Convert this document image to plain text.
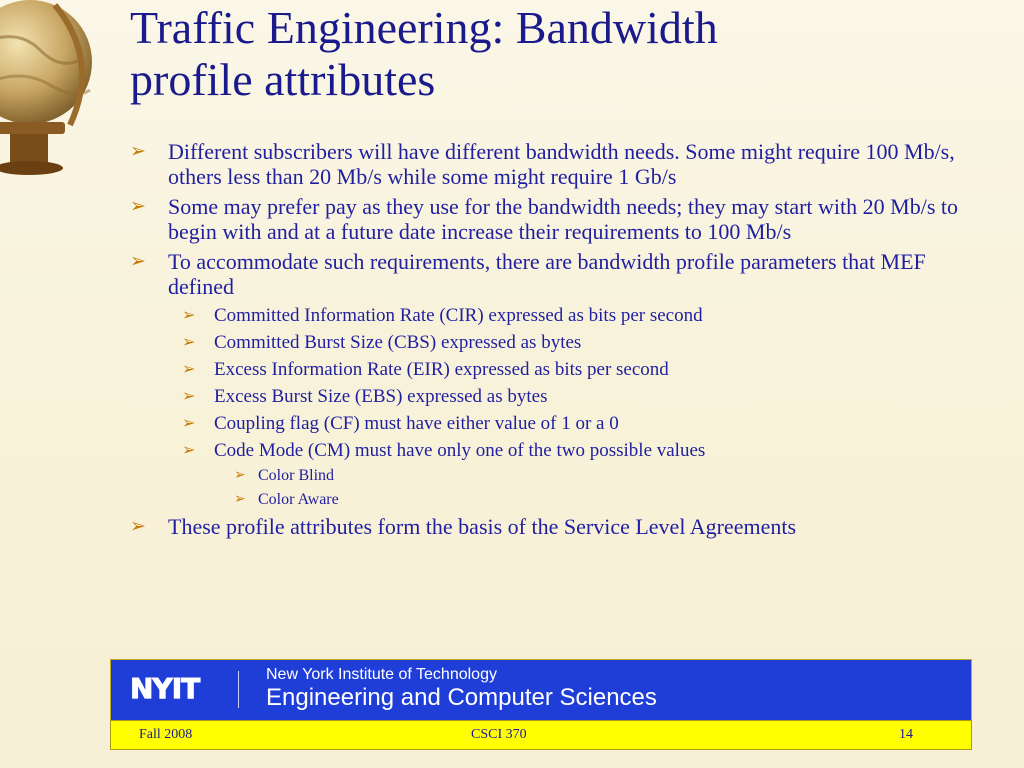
Traffic Engineering: Bandwidth
profile attributes
➢ Different subscribers will have different bandwidth needs. Some might require 100 Mb/s, others less than 20 Mb/s while some might require 1 Gb/s
➢ Some may prefer pay as they use for the bandwidth needs; they may start with 20 Mb/s to begin with and at a future date increase their requirements to 100 Mb/s
➢ To accommodate such requirements, there are bandwidth profile parameters that MEF defined
➢ Committed Information Rate (CIR) expressed as bits per second
➢ Committed Burst Size (CBS) expressed as bytes
➢ Excess Information Rate (EIR) expressed as bits per second
➢ Excess Burst Size (EBS) expressed as bytes
➢ Coupling flag (CF) must have either value of 1 or a 0
➢ Code Mode (CM) must have only one of the two possible values
➢ Color Blind
➢ Color Aware
➢ These profile attributes form the basis of the Service Level Agreements
NYIT	New York Institute of Technology
Engineering and Computer Sciences
Fall 2008	CSCI 370	14
